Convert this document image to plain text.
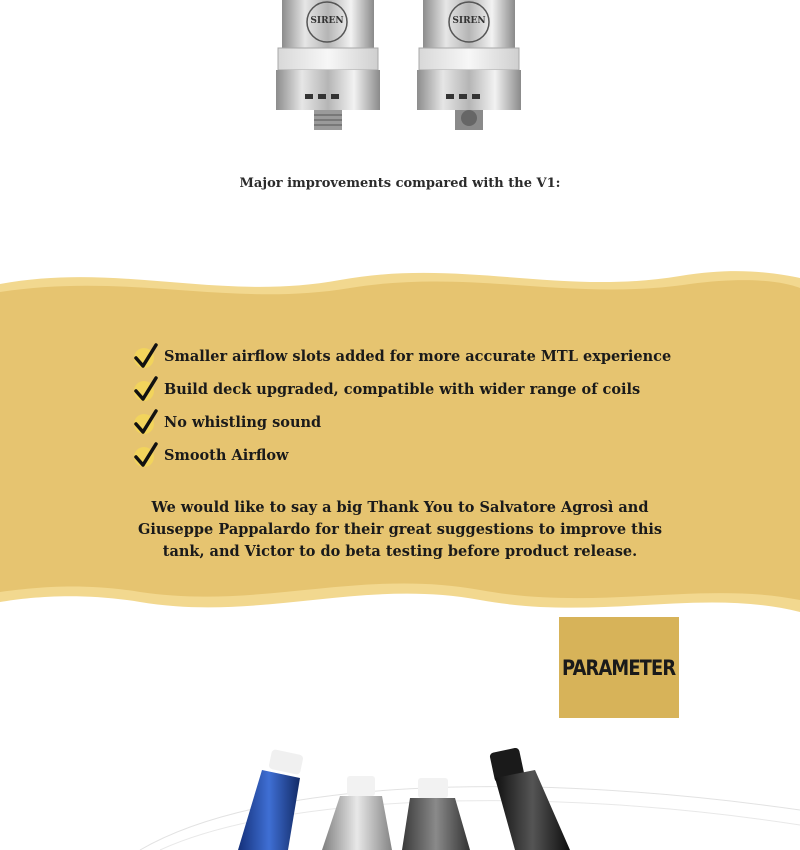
SIREN	SIREN
Major improvements compared with the V1:
Smaller airflow slots added for more accurate MTL experience
Build deck upgraded, compatible with wider range of coils
No whistling sound
Smooth Airflow
We would like to say a big Thank You to Salvatore Agrosì and Giuseppe Pappalardo for their great suggestions to improve this tank, and Victor to do beta testing before product release.
PARAMETER
